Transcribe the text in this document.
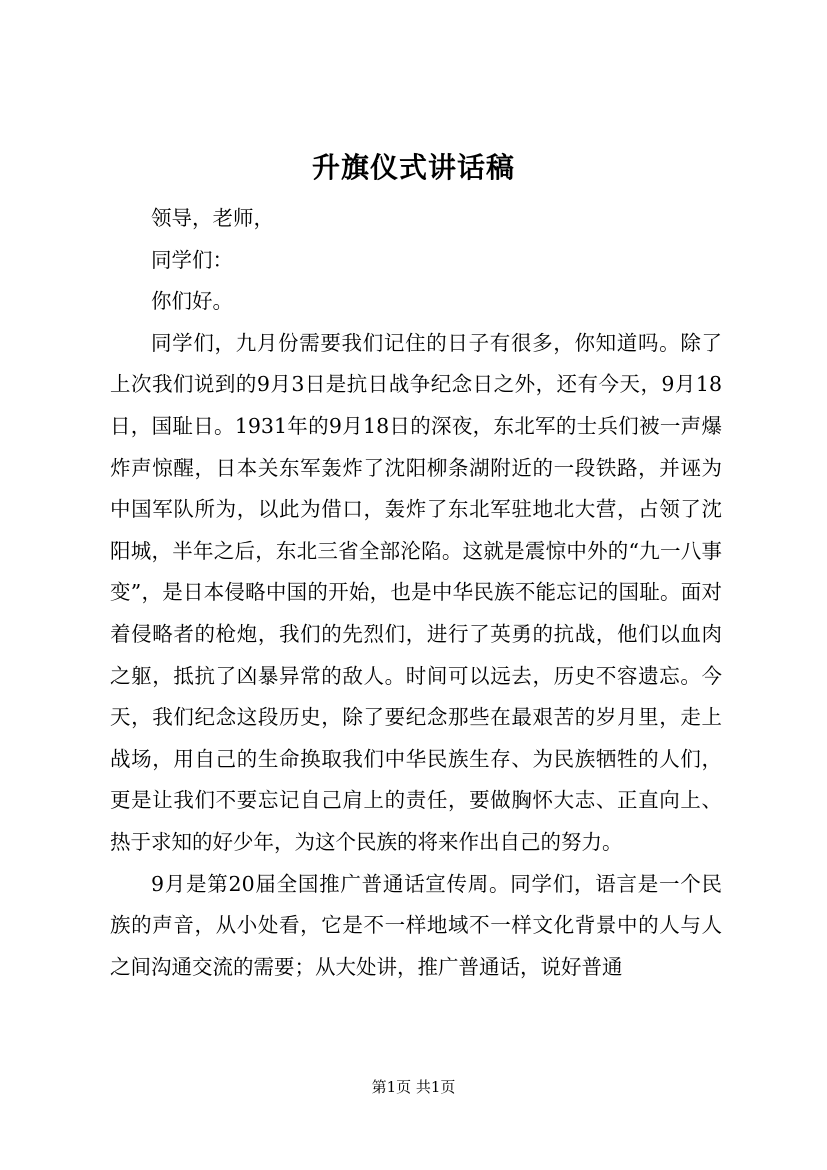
升旗仪式讲话稿

领导，老师，

同学们：

你们好。

同学们，九月份需要我们记住的日子有很多，你知道吗。除了上次我们说到的9月3日是抗日战争纪念日之外，还有今天，9月18日，国耻日。1931年的9月18日的深夜，东北军的士兵们被一声爆炸声惊醒，日本关东军轰炸了沈阳柳条湖附近的一段铁路，并诬为中国军队所为，以此为借口，轰炸了东北军驻地北大营，占领了沈阳城，半年之后，东北三省全部沦陷。这就是震惊中外的“九一八事变”，是日本侵略中国的开始，也是中华民族不能忘记的国耻。面对着侵略者的枪炮，我们的先烈们，进行了英勇的抗战，他们以血肉之躯，抵抗了凶暴异常的敌人。时间可以远去，历史不容遗忘。今天，我们纪念这段历史，除了要纪念那些在最艰苦的岁月里，走上战场，用自己的生命换取我们中华民族生存、为民族牺牲的人们，更是让我们不要忘记自己肩上的责任，要做胸怀大志、正直向上、热于求知的好少年，为这个民族的将来作出自己的努力。

9月是第20届全国推广普通话宣传周。同学们，语言是一个民族的声音，从小处看，它是不一样地域不一样文化背景中的人与人之间沟通交流的需要；从大处讲，推广普通话，说好普通

第1页 共1页
